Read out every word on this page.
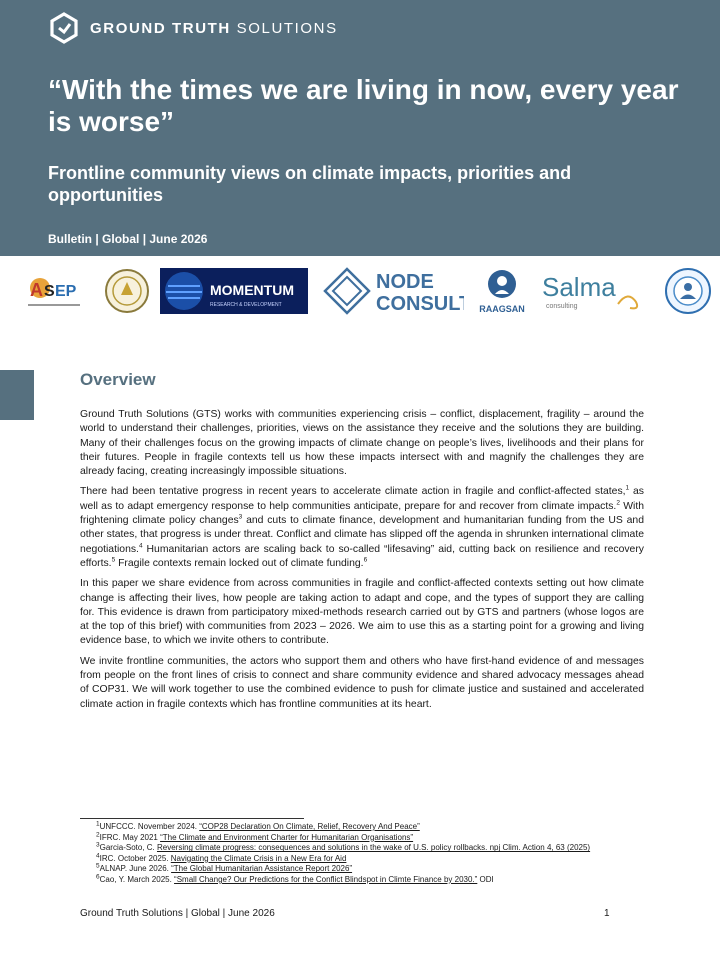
GROUND TRUTH SOLUTIONS
“With the times we are living in now, every year is worse”
Frontline community views on climate impacts, priorities and opportunities
Bulletin | Global | June 2026
A S EP	MOMENTUM
RESEARCH & DEVELOPMENT
NODE
CONSULT RAAGSAN
Salma
consulting
Overview

Ground Truth Solutions (GTS) works with communities experiencing crisis – conflict, displacement, fragility – around the world to understand their challenges, priorities, views on the assistance they receive and the solutions they are building. Many of their challenges focus on the growing impacts of climate change on people’s lives, livelihoods and their plans for their futures. People in fragile contexts tell us how these impacts intersect with and magnify the challenges they are already facing, creating increasingly impossible situations.

There had been tentative progress in recent years to accelerate climate action in fragile and conflict-affected states,$^1$ as well as to adapt emergency response to help communities anticipate, prepare for and recover from climate impacts.$^2$ With frightening climate policy changes$^3$ and cuts to climate finance, development and humanitarian funding from the US and other states, that progress is under threat. Conflict and climate has slipped off the agenda in shrunken international climate negotiations.$^4$ Humanitarian actors are scaling back to so-called “lifesaving” aid, cutting back on resilience and recovery efforts.$^5$ Fragile contexts remain locked out of climate funding.$^6$

In this paper we share evidence from across communities in fragile and conflict-affected contexts setting out how climate change is affecting their lives, how people are taking action to adapt and cope, and the types of support they are calling for. This evidence is drawn from participatory mixed-methods research carried out by GTS and partners (whose logos are at the top of this brief) with communities from 2023 – 2026. We aim to use this as a starting point for a growing and living evidence base, to which we invite others to contribute.

We invite frontline communities, the actors who support them and others who have first-hand evidence of and messages from people on the front lines of crisis to connect and share community evidence and shared advocacy messages ahead of COP31. We will work together to use the combined evidence to push for climate justice and sustained and accelerated climate action in fragile contexts which has frontline communities at its heart.

$^1$UNFCCC. November 2024. “COP28 Declaration On Climate, Relief, Recovery And Peace”
$^2$IFRC. May 2021 “The Climate and Environment Charter for Humanitarian Organisations”
$^3$Garcia-Soto, C. Reversing climate progress: consequences and solutions in the wake of U.S. policy rollbacks. npj Clim. Action 4, 63 (2025)
$^4$IRC. October 2025. Navigating the Climate Crisis in a New Era for Aid
$^5$ALNAP. June 2026. “The Global Humanitarian Assistance Report 2026”
$^6$Cao, Y. March 2025. “Small Change? Our Predictions for the Conflict Blindspot in Climte Finance by 2030.” ODI
Ground Truth Solutions | Global | June 2026	1
